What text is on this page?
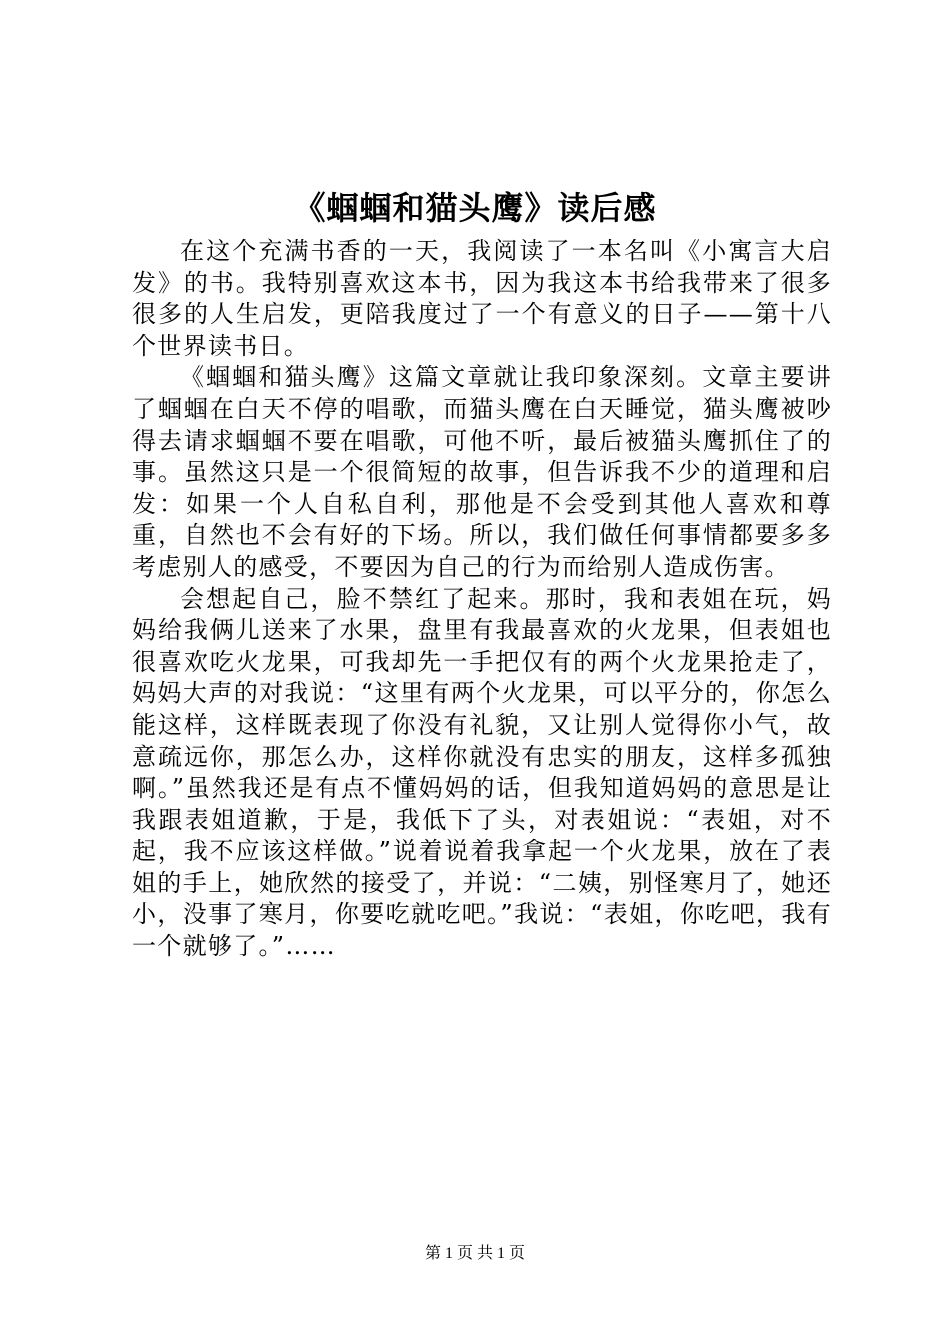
《蝈蝈和猫头鹰》读后感

在这个充满书香的一天，我阅读了一本名叫《小寓言大启发》的书。我特别喜欢这本书，因为我这本书给我带来了很多很多的人生启发，更陪我度过了一个有意义的日子——第十八个世界读书日。

《蝈蝈和猫头鹰》这篇文章就让我印象深刻。文章主要讲了蝈蝈在白天不停的唱歌，而猫头鹰在白天睡觉，猫头鹰被吵得去请求蝈蝈不要在唱歌，可他不听，最后被猫头鹰抓住了的事。虽然这只是一个很简短的故事，但告诉我不少的道理和启发：如果一个人自私自利，那他是不会受到其他人喜欢和尊重，自然也不会有好的下场。所以，我们做任何事情都要多多考虑别人的感受，不要因为自己的行为而给别人造成伤害。

会想起自己，脸不禁红了起来。那时，我和表姐在玩，妈妈给我俩儿送来了水果，盘里有我最喜欢的火龙果，但表姐也很喜欢吃火龙果，可我却先一手把仅有的两个火龙果抢走了，妈妈大声的对我说：“这里有两个火龙果，可以平分的，你怎么能这样，这样既表现了你没有礼貌，又让别人觉得你小气，故意疏远你，那怎么办，这样你就没有忠实的朋友，这样多孤独啊。”虽然我还是有点不懂妈妈的话，但我知道妈妈的意思是让我跟表姐道歉，于是，我低下了头，对表姐说：“表姐，对不起，我不应该这样做。”说着说着我拿起一个火龙果，放在了表姐的手上，她欣然的接受了，并说：“二姨，别怪寒月了，她还小，没事了寒月，你要吃就吃吧。”我说：“表姐，你吃吧，我有一个就够了。”……

第 1 页 共 1 页
